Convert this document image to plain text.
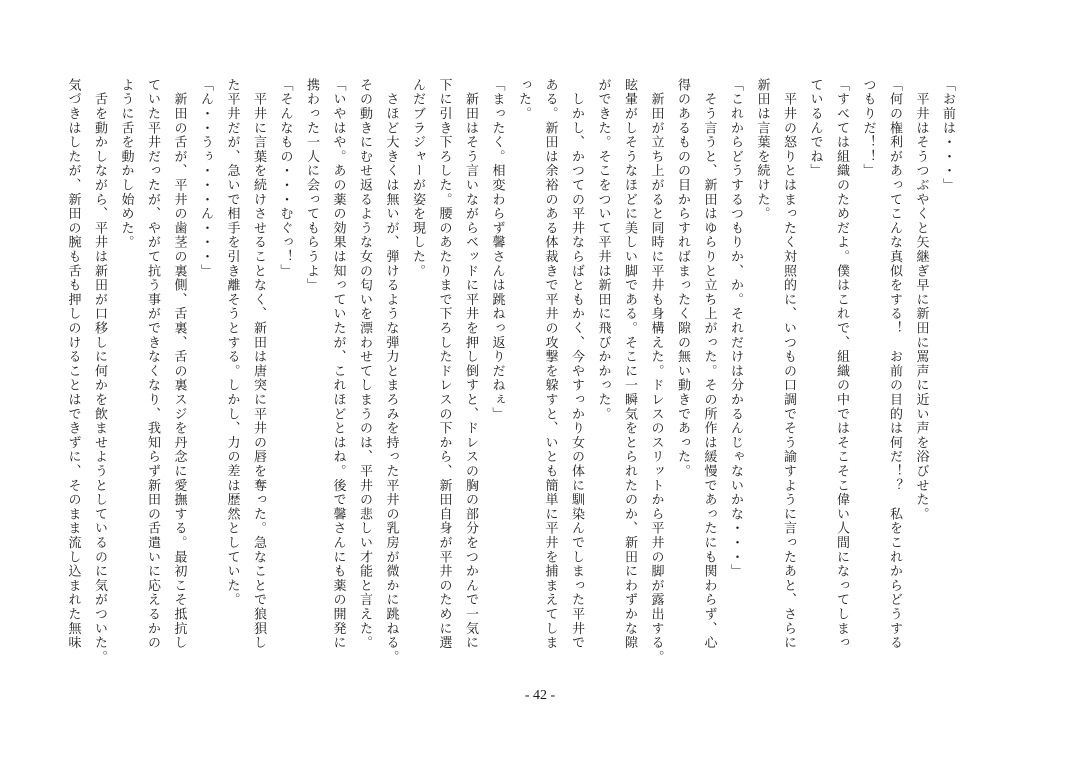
「お前は・・・」
　平井はそうつぶやくと矢継ぎ早に新田に罵声に近い声を浴びせた。
「何の権利があってこんな真似をする！　お前の目的は何だ！？　私をこれからどうする
つもりだ！！」
「すべては組織のためだよ。僕はこれで、組織の中ではそこそこ偉い人間になってしまっ
ているんでね」
　平井の怒りとはまったく対照的に、いつもの口調でそう諭すように言ったあと、さらに
新田は言葉を続けた。
「これからどうするつもりか、か。それだけは分かるんじゃないかな・・・」
　そう言うと、新田はゆらりと立ち上がった。その所作は緩慢であったにも関わらず、心
得のあるものの目からすればまったく隙の無い動きであった。
　新田が立ち上がると同時に平井も身構えた。ドレスのスリットから平井の脚が露出する。
眩暈がしそうなほどに美しい脚である。そこに一瞬気をとられたのか、新田にわずかな隙
ができた。そこをついて平井は新田に飛びかかった。
　しかし、かつての平井ならばともかく、今やすっかり女の体に馴染んでしまった平井で
ある。新田は余裕のある体裁きで平井の攻撃を躱すと、いとも簡単に平井を捕まえてしま
った。
「まったく。相変わらず馨さんは跳ねっ返りだねぇ」
　新田はそう言いながらベッドに平井を押し倒すと、ドレスの胸の部分をつかんで一気に
下に引き下ろした。腰のあたりまで下ろしたドレスの下から、新田自身が平井のために選
んだブラジャーが姿を現した。
　さほど大きくは無いが、弾けるような弾力とまろみを持った平井の乳房が微かに跳ねる。
その動きにむせ返るような女の匂いを漂わせてしまうのは、平井の悲しい才能と言えた。
「いやはや。あの薬の効果は知っていたが、これほどとはね。後で馨さんにも薬の開発に
携わった一人に会ってもらうよ」
「そんなもの・・・むぐっ！」
　平井に言葉を続けさせることなく、新田は唐突に平井の唇を奪った。急なことで狼狽し
た平井だが、急いで相手を引き離そうとする。しかし、力の差は歴然としていた。
「ん・・うぅ・・・ん・・・」
　新田の舌が、平井の歯茎の裏側、舌裏、舌の裏スジを丹念に愛撫する。最初こそ抵抗し
ていた平井だったが、やがて抗う事ができなくなり、我知らず新田の舌遣いに応えるかの
ように舌を動かし始めた。
　舌を動かしながら、平井は新田が口移しに何かを飲ませようとしているのに気がついた。
気づきはしたが、新田の腕も舌も押しのけることはできずに、そのまま流し込まれた無味
- 42 -
